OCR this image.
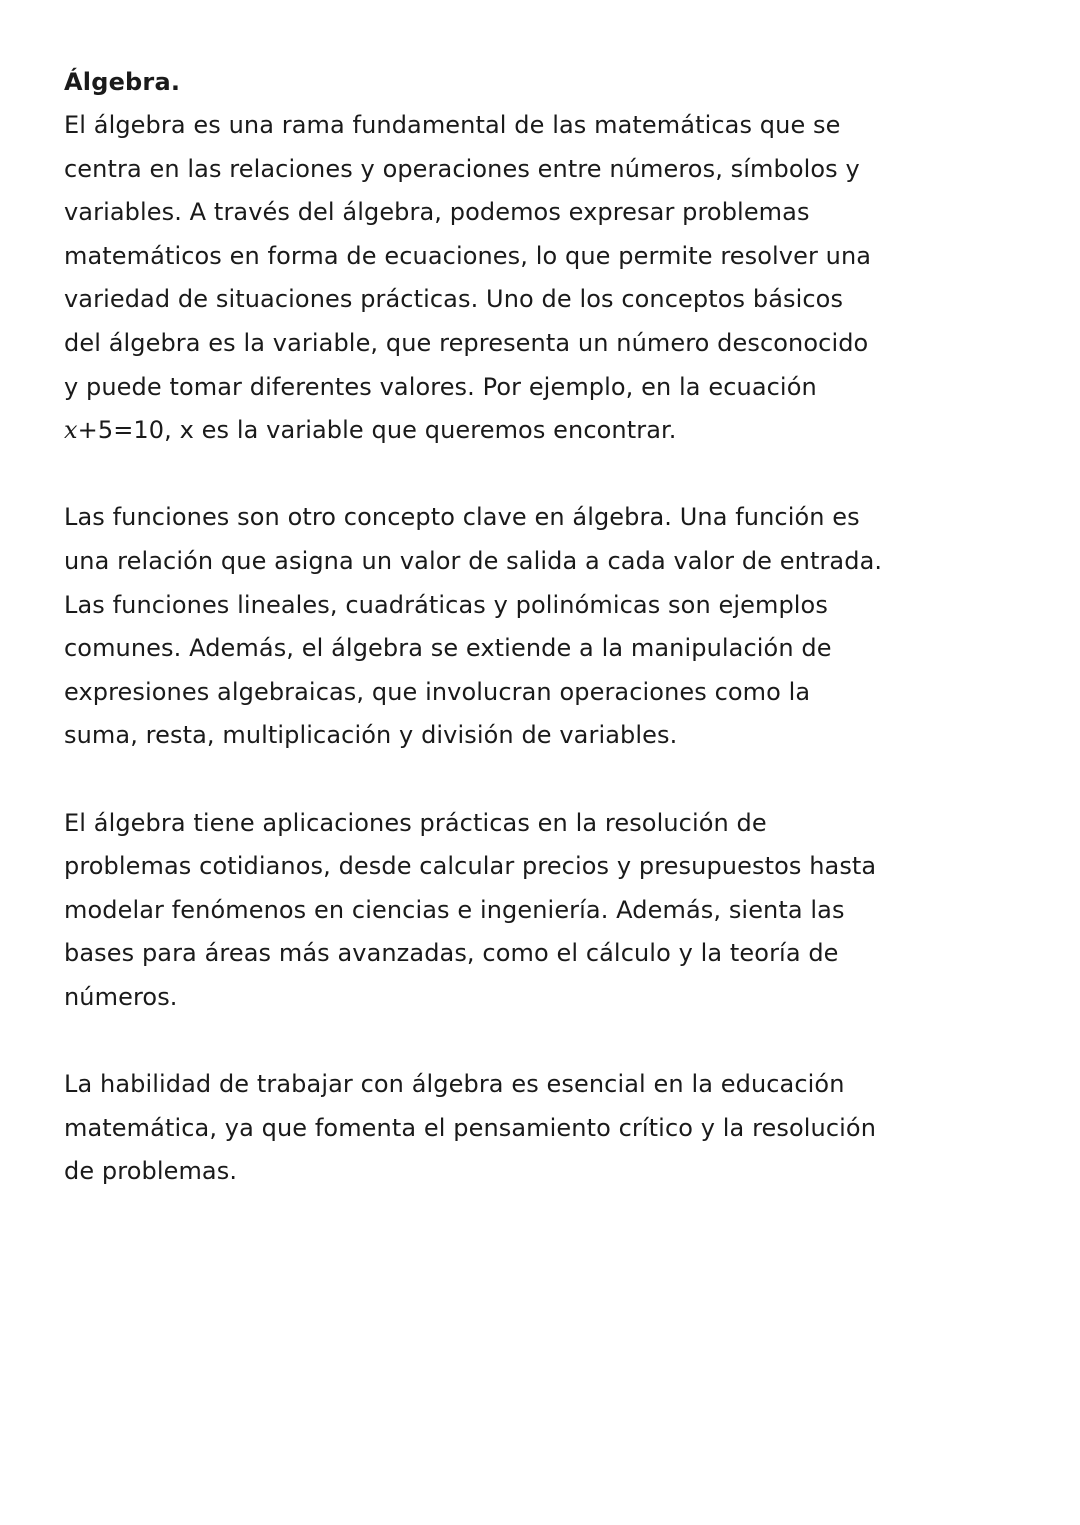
Álgebra.

El álgebra es una rama fundamental de las matemáticas que se
centra en las relaciones y operaciones entre números, símbolos y
variables. A través del álgebra, podemos expresar problemas
matemáticos en forma de ecuaciones, lo que permite resolver una
variedad de situaciones prácticas. Uno de los conceptos básicos
del álgebra es la variable, que representa un número desconocido
y puede tomar diferentes valores. Por ejemplo, en la ecuación
x+5=10, x es la variable que queremos encontrar.

Las funciones son otro concepto clave en álgebra. Una función es
una relación que asigna un valor de salida a cada valor de entrada.
Las funciones lineales, cuadráticas y polinómicas son ejemplos
comunes. Además, el álgebra se extiende a la manipulación de
expresiones algebraicas, que involucran operaciones como la
suma, resta, multiplicación y división de variables.

El álgebra tiene aplicaciones prácticas en la resolución de
problemas cotidianos, desde calcular precios y presupuestos hasta
modelar fenómenos en ciencias e ingeniería. Además, sienta las
bases para áreas más avanzadas, como el cálculo y la teoría de
números.

La habilidad de trabajar con álgebra es esencial en la educación
matemática, ya que fomenta el pensamiento crítico y la resolución
de problemas.
